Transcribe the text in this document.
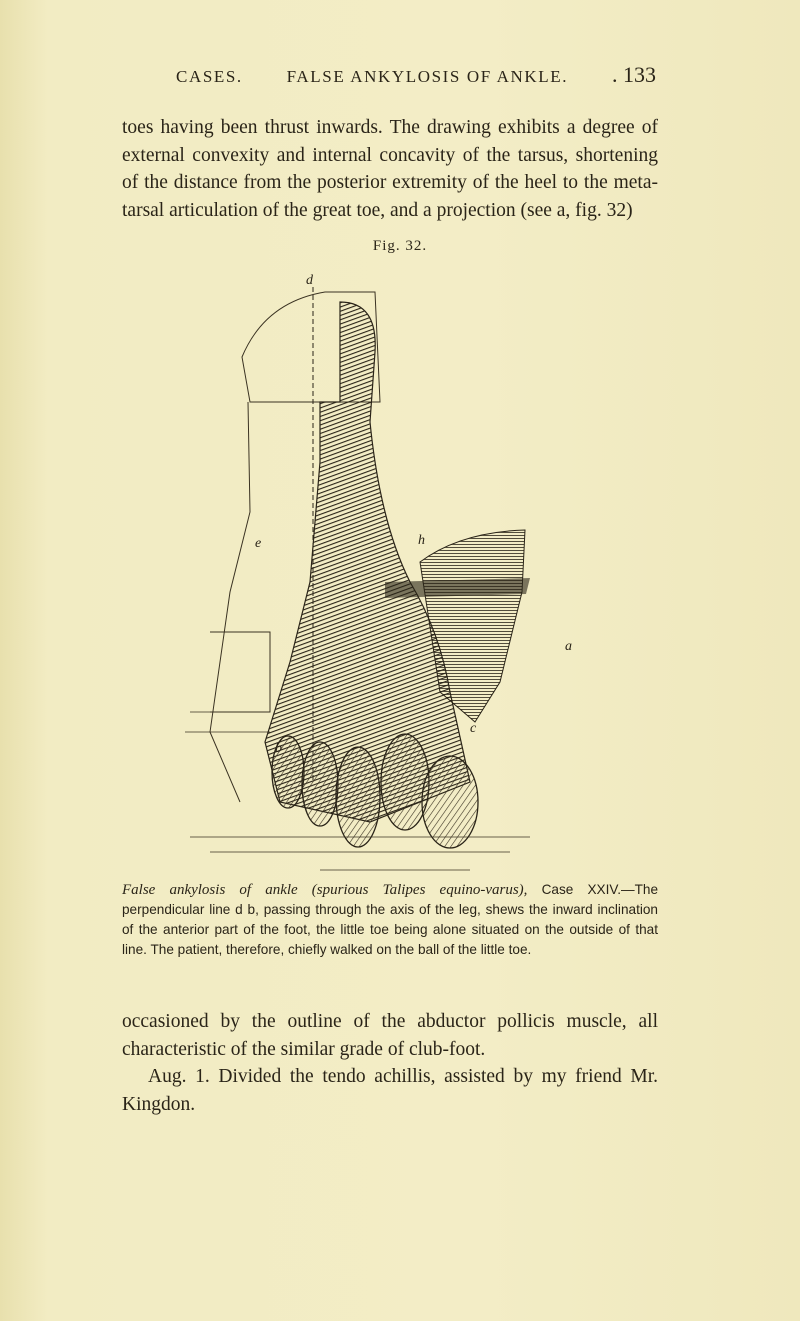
CASES.	FALSE ANKYLOSIS OF ANKLE. . 133

toes having been thrust inwards. The drawing exhibits a degree of external convexity and internal concavity of the tarsus, shortening of the distance from the posterior extremity of the heel to the meta-tarsal articulation of the great toe, and a projection (see a, fig. 32)

Fig. 32.
d
e	h
b
a
c

False ankylosis of ankle (spurious Talipes equino-varus), Case XXIV.—The perpendicular line d b, passing through the axis of the leg, shews the inward inclination of the anterior part of the foot, the little toe being alone situated on the outside of that line. The patient, therefore, chiefly walked on the ball of the little toe.

occasioned by the outline of the abductor pollicis muscle, all characteristic of the similar grade of club-foot.

Aug. 1. Divided the tendo achillis, assisted by my friend Mr. Kingdon.
